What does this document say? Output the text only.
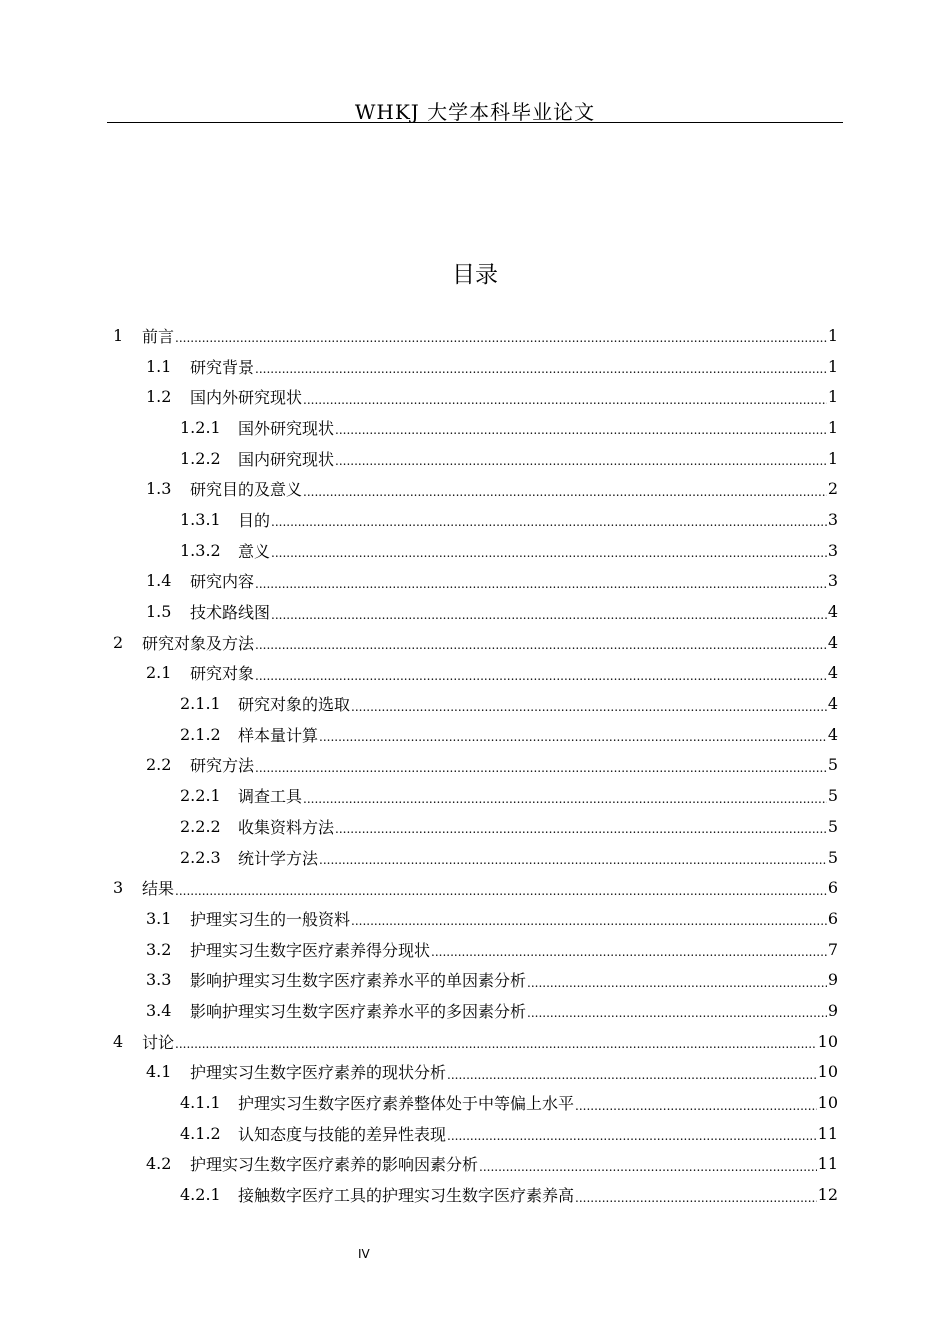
WHKJ 大学本科毕业论文
目录
1	前言 .....	1
1.1	研究背景 .....	1
1.2	国内外研究现状 .....	1
1.2.1	国外研究现状 .....	1
1.2.2	国内研究现状 .....	1
1.3	研究目的及意义 .....	2
1.3.1	目的 .....	3
1.3.2	意义 .....	3
1.4	研究内容 .....	3
1.5	技术路线图 .....	4
2	研究对象及方法 .....	4
2.1	研究对象 .....	4
2.1.1	研究对象的选取 .....	4
2.1.2	样本量计算 .....	4
2.2	研究方法 .....	5
2.2.1	调查工具 .....	5
2.2.2	收集资料方法 .....	5
2.2.3	统计学方法 .....	5
3	结果 .....	6
3.1	护理实习生的一般资料 .....	6
3.2	护理实习生数字医疗素养得分现状 .....	7
3.3	影响护理实习生数字医疗素养水平的单因素分析 .....	9
3.4	影响护理实习生数字医疗素养水平的多因素分析 .....	9
4	讨论 .....	10
4.1	护理实习生数字医疗素养的现状分析 .....	10
4.1.1	护理实习生数字医疗素养整体处于中等偏上水平 .....	10
4.1.2	认知态度与技能的差异性表现 .....	11
4.2	护理实习生数字医疗素养的影响因素分析 .....	11
4.2.1	接触数字医疗工具的护理实习生数字医疗素养高 .....	12
IV
